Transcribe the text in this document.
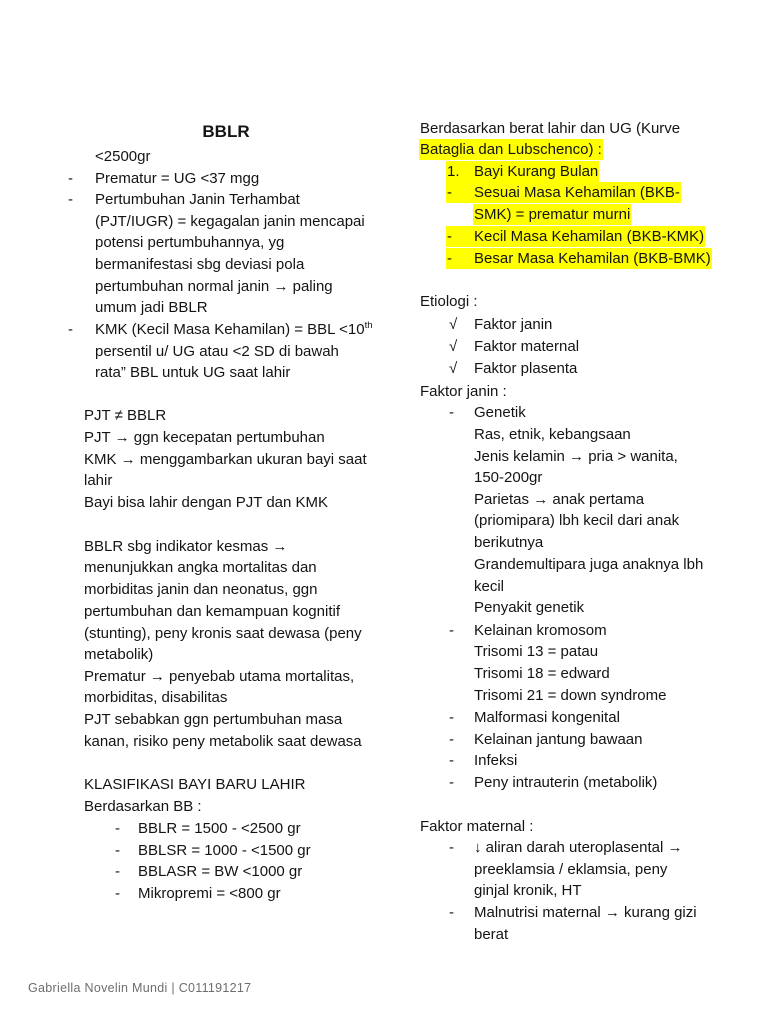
BBLR
<2500gr
- Prematur = UG <37 mgg
- Pertumbuhan Janin Terhambat
(PJT/IUGR) = kegagalan janin mencapai
potensi pertumbuhannya, yg
bermanifestasi sbg deviasi pola
pertumbuhan normal janin → paling
umum jadi BBLR
- KMK (Kecil Masa Kehamilan) = BBL <10th
persentil u/ UG atau <2 SD di bawah
rata” BBL untuk UG saat lahir
PJT ≠ BBLR
PJT → ggn kecepatan pertumbuhan
KMK → menggambarkan ukuran bayi saat
lahir
Bayi bisa lahir dengan PJT dan KMK
BBLR sbg indikator kesmas →
menunjukkan angka mortalitas dan
morbiditas janin dan neonatus, ggn
pertumbuhan dan kemampuan kognitif
(stunting), peny kronis saat dewasa (peny
metabolik)
Prematur → penyebab utama mortalitas,
morbiditas, disabilitas
PJT sebabkan ggn pertumbuhan masa
kanan, risiko peny metabolik saat dewasa
KLASIFIKASI BAYI BARU LAHIR
Berdasarkan BB :
- BBLR = 1500 - <2500 gr
- BBLSR = 1000 - <1500 gr
- BBLASR = BW <1000 gr
- Mikropremi = <800 gr
Berdasarkan berat lahir dan UG (Kurve
Bataglia dan Lubschenco) :
1. Bayi Kurang Bulan
- Sesuai Masa Kehamilan (BKB-
SMK) = prematur murni
- Kecil Masa Kehamilan (BKB-KMK)
- Besar Masa Kehamilan (BKB-BMK)
Etiologi :
√ Faktor janin
√ Faktor maternal
√ Faktor plasenta
Faktor janin :
- Genetik
Ras, etnik, kebangsaan
Jenis kelamin → pria > wanita,
150-200gr
Parietas → anak pertama
(priomipara) lbh kecil dari anak
berikutnya
Grandemultipara juga anaknya lbh
kecil
Penyakit genetik
- Kelainan kromosom
Trisomi 13 = patau
Trisomi 18 = edward
Trisomi 21 = down syndrome
- Malformasi kongenital
- Kelainan jantung bawaan
- Infeksi
- Peny intrauterin (metabolik)
Faktor maternal :
- ↓ aliran darah uteroplasental →
preeklamsia / eklamsia, peny
ginjal kronik, HT
- Malnutrisi maternal → kurang gizi
berat
Gabriella Novelin Mundi | C011191217
